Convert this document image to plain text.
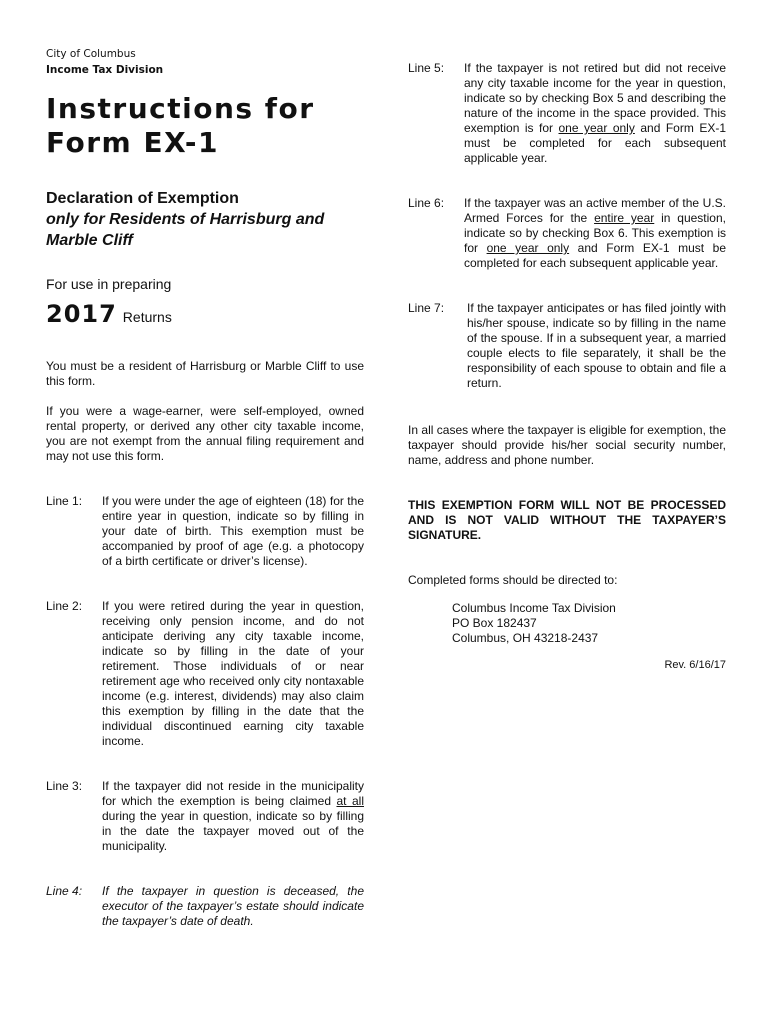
City of Columbus
Income Tax Division
Instructions for
Form EX-1
Declaration of Exemption
only for Residents of Harrisburg and Marble Cliff
For use in preparing
2017 Returns
You must be a resident of Harrisburg or Marble Cliff to use this form.
If you were a wage-earner, were self-employed, owned rental property, or derived any other city taxable income, you are not exempt from the annual filing requirement and may not use this form.
Line 1:	If you were under the age of eighteen (18) for the entire year in question, indicate so by filling in your date of birth. This exemption must be accompanied by proof of age (e.g. a photocopy of a birth certificate or driver’s license).
Line 2:	If you were retired during the year in question, receiving only pension income, and do not anticipate deriving any city taxable income, indicate so by filling in the date of your retirement. Those individuals of or near retirement age who received only city nontaxable income (e.g. interest, dividends) may also claim this exemption by filling in the date that the individual discontinued earning city taxable income.
Line 3:	If the taxpayer did not reside in the municipality for which the exemption is being claimed at all during the year in question, indicate so by filling in the date the taxpayer moved out of the municipality.
Line 4:	If the taxpayer in question is deceased, the executor of the taxpayer’s estate should indicate the taxpayer’s date of death.
Line 5:	If the taxpayer is not retired but did not receive any city taxable income for the year in question, indicate so by checking Box 5 and describing the nature of the income in the space provided. This exemption is for one year only and Form EX-1 must be completed for each subsequent applicable year.
Line 6:	If the taxpayer was an active member of the U.S. Armed Forces for the entire year in question, indicate so by checking Box 6. This exemption is for one year only and Form EX-1 must be completed for each subsequent applicable year.
Line 7:	If the taxpayer anticipates or has filed jointly with his/her spouse, indicate so by filling in the name of the spouse. If in a subsequent year, a married couple elects to file separately, it shall be the responsibility of each spouse to obtain and file a return.
In all cases where the taxpayer is eligible for exemption, the taxpayer should provide his/her social security number, name, address and phone number.
THIS EXEMPTION FORM WILL NOT BE PROCESSED AND IS NOT VALID WITHOUT THE TAXPAYER’S SIGNATURE.
Completed forms should be directed to:
Columbus Income Tax Division
PO Box 182437
Columbus, OH 43218-2437
Rev. 6/16/17
